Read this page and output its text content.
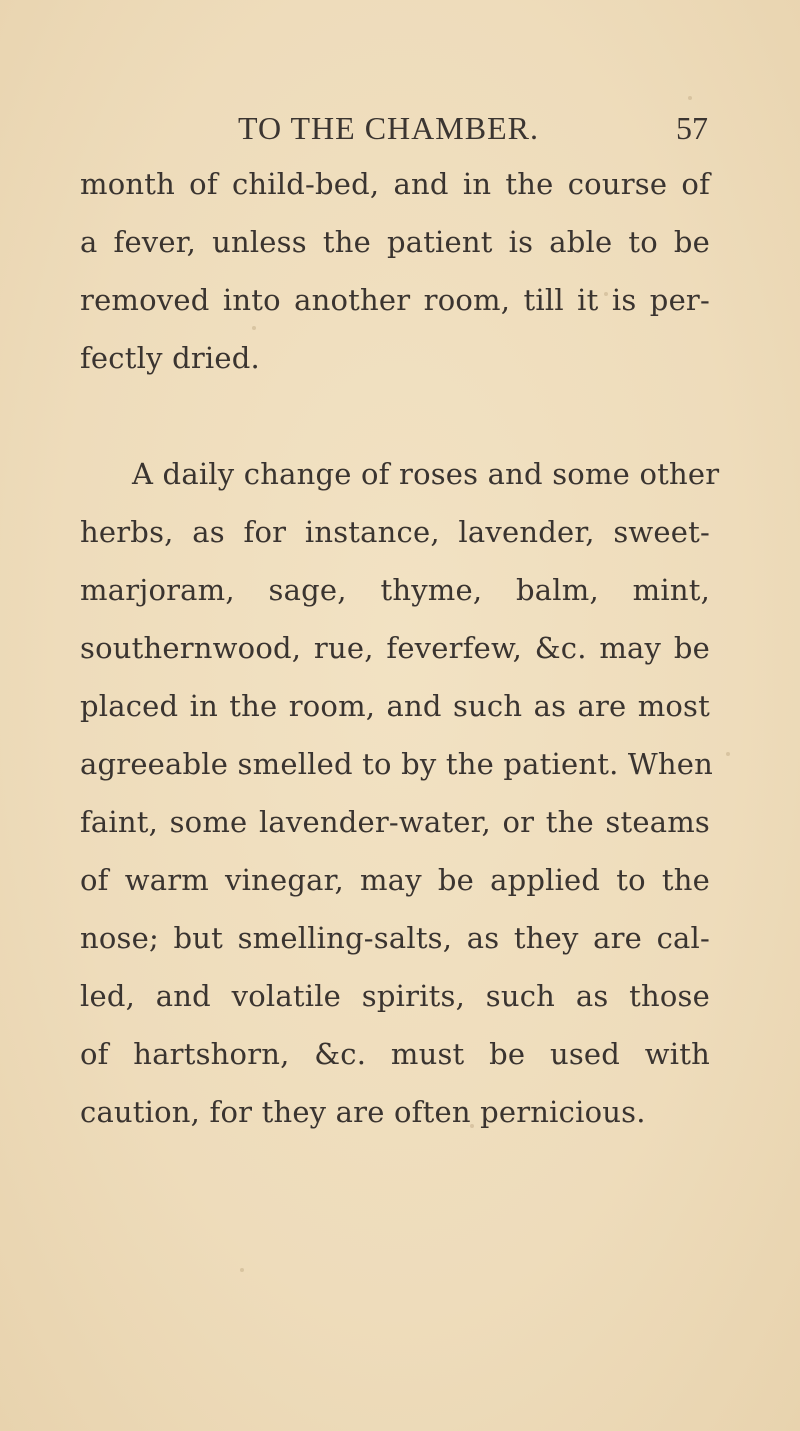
TO THE CHAMBER.	57

month of child-bed, and in the course of
a fever, unless the patient is able to be
removed into another room, till it is per-
fectly dried.

A daily change of roses and some other
herbs, as for instance, lavender, sweet-
marjoram, sage, thyme, balm, mint,
southernwood, rue, feverfew, &c. may be
placed in the room, and such as are most
agreeable smelled to by the patient. When
faint, some lavender-water, or the steams
of warm vinegar, may be applied to the
nose; but smelling-salts, as they are cal-
led, and volatile spirits, such as those
of hartshorn, &c. must be used with
caution, for they are often pernicious.
